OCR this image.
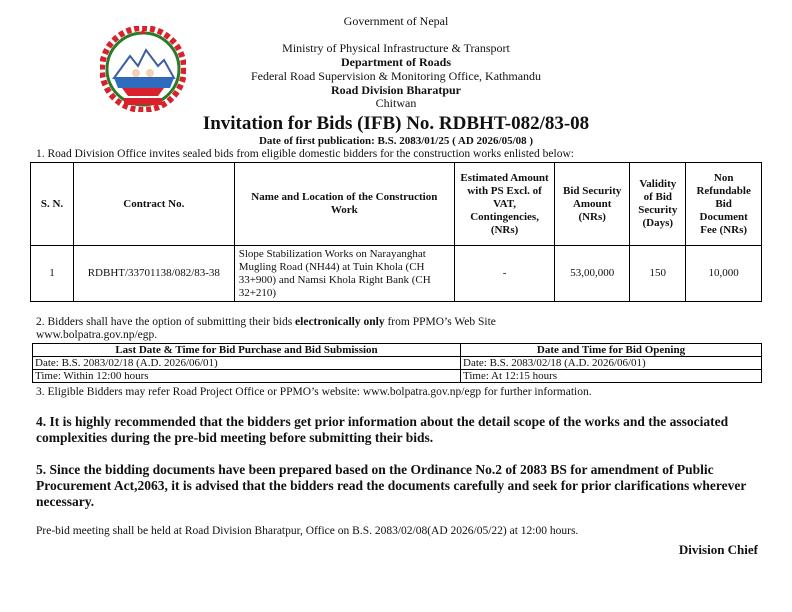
Government of Nepal
Ministry of Physical Infrastructure & Transport
Department of Roads
Federal Road Supervision & Monitoring Office, Kathmandu
Road Division Bharatpur
Chitwan
Invitation for Bids (IFB) No. RDBHT-082/83-08
Date of first publication: B.S. 2083/01/25 ( AD 2026/05/08 )
1. Road Division Office invites sealed bids from eligible domestic bidders for the construction works enlisted below:
S. N.	Contract No.	Name and Location of the Construction Work	Estimated Amount with PS Excl. of VAT, Contingencies, (NRs)	Bid Security Amount (NRs)	Validity of Bid Security (Days)	Non Refundable Bid Document Fee (NRs)
1	RDBHT/33701138/082/83-38	Slope Stabilization Works on Narayanghat Mugling Road (NH44) at Tuin Khola (CH 33+900) and Namsi Khola Right Bank (CH 32+210)	-	53,00,000	150	10,000
2. Bidders shall have the option of submitting their bids electronically only from PPMO’s Web Site
www.bolpatra.gov.np/egp.
Last Date & Time for Bid Purchase and Bid Submission	Date and Time for Bid Opening
Date: B.S. 2083/02/18 (A.D. 2026/06/01)	Date: B.S. 2083/02/18 (A.D. 2026/06/01)
Time: Within 12:00 hours	Time: At 12:15 hours
3. Eligible Bidders may refer Road Project Office or PPMO’s website: www.bolpatra.gov.np/egp for further information.
4. It is highly recommended that the bidders get prior information about the detail scope of the works and the associated complexities during the pre-bid meeting before submitting their bids.
5. Since the bidding documents have been prepared based on the Ordinance No.2 of 2083 BS for amendment of Public Procurement Act,2063, it is advised that the bidders read the documents carefully and seek for prior clarifications wherever necessary.
Pre-bid meeting shall be held at Road Division Bharatpur, Office on B.S. 2083/02/08(AD 2026/05/22) at 12:00 hours.
Division Chief
